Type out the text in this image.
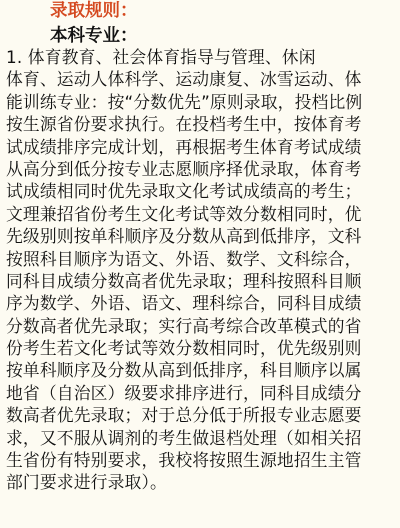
录取规则：
本科专业：
1. 体育教育、社会体育指导与管理、休闲
体育、运动人体科学、运动康复、冰雪运动、体
能训练专业：按“分数优先”原则录取，投档比例
按生源省份要求执行。在投档考生中，按体育考
试成绩排序完成计划，再根据考生体育考试成绩
从高分到低分按专业志愿顺序择优录取，体育考
试成绩相同时优先录取文化考试成绩高的考生；
文理兼招省份考生文化考试等效分数相同时，优
先级别则按单科顺序及分数从高到低排序，文科
按照科目顺序为语文、外语、数学、文科综合，
同科目成绩分数高者优先录取；理科按照科目顺
序为数学、外语、语文、理科综合，同科目成绩
分数高者优先录取；实行高考综合改革模式的省
份考生若文化考试等效分数相同时，优先级别则
按单科顺序及分数从高到低排序，科目顺序以属
地省（自治区）级要求排序进行，同科目成绩分
数高者优先录取；对于总分低于所报专业志愿要
求，又不服从调剂的考生做退档处理（如相关招
生省份有特别要求，我校将按照生源地招生主管
部门要求进行录取）。
